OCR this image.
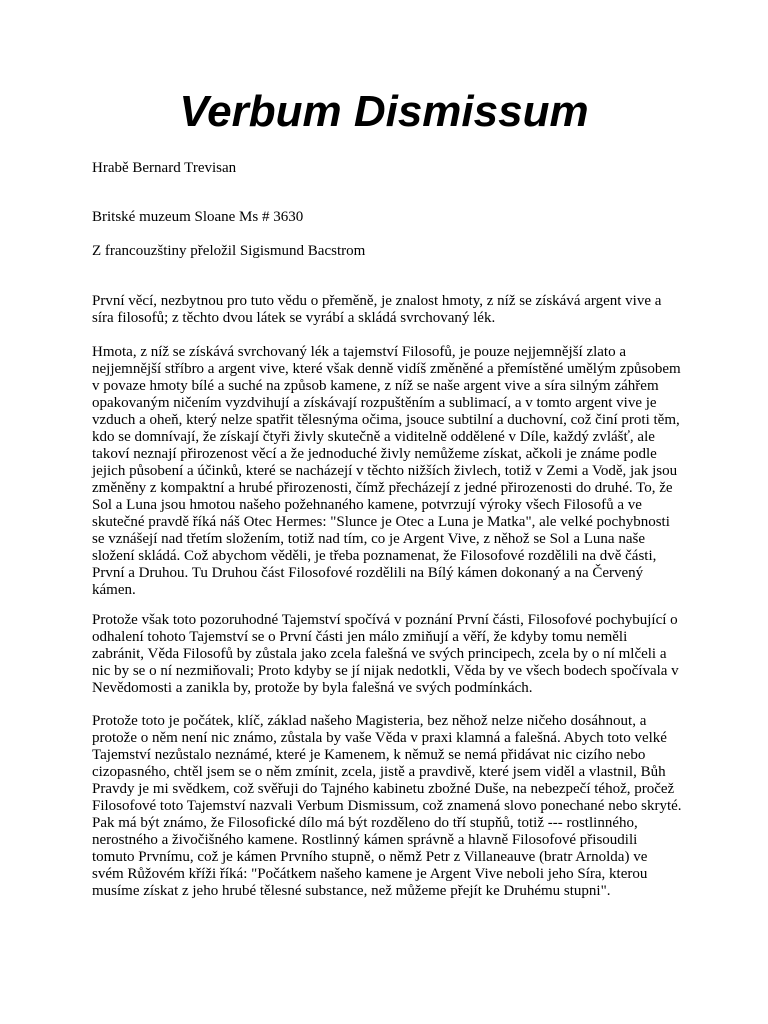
Verbum Dismissum

Hrabě Bernard Trevisan

Britské muzeum Sloane Ms # 3630

Z francouzštiny přeložil Sigismund Bacstrom

První věcí, nezbytnou pro tuto vědu o přeměně, je znalost hmoty, z níž se získává argent vive a síra filosofů; z těchto dvou látek se vyrábí a skládá svrchovaný lék.

Hmota, z níž se získává svrchovaný lék a tajemství Filosofů, je pouze nejjemnější zlato a nejjemnější stříbro a argent vive, které však denně vidíš změněné a přemístěné umělým způsobem v povaze hmoty bílé a suché na způsob kamene, z níž se naše argent vive a síra silným záhřem opakovaným ničením vyzdvihují a získávají rozpuštěním a sublimací, a v tomto argent vive je vzduch a oheň, který nelze spatřit tělesnýma očima, jsouce subtilní a duchovní, což činí proti těm, kdo se domnívají, že získají čtyři živly skutečně a viditelně oddělené v Díle, každý zvlášť, ale takoví neznají přirozenost věcí a že jednoduché živly nemůžeme získat, ačkoli je známe podle jejich působení a účinků, které se nacházejí v těchto nižších živlech, totiž v Zemi a Vodě, jak jsou změněny z kompaktní a hrubé přirozenosti, čímž přecházejí z jedné přirozenosti do druhé. To, že Sol a Luna jsou hmotou našeho požehnaného kamene, potvrzují výroky všech Filosofů a ve skutečné pravdě říká náš Otec Hermes: "Slunce je Otec a Luna je Matka", ale velké pochybnosti se vznášejí nad třetím složením, totiž nad tím, co je Argent Vive, z něhož se Sol a Luna naše složení skládá. Což abychom věděli, je třeba poznamenat, že Filosofové rozdělili na dvě části, První a Druhou. Tu Druhou část Filosofové rozdělili na Bílý kámen dokonaný a na Červený kámen.

Protože však toto pozoruhodné Tajemství spočívá v poznání První části, Filosofové pochybující o odhalení tohoto Tajemství se o První části jen málo zmiňují a věří, že kdyby tomu neměli zabránit, Věda Filosofů by zůstala jako zcela falešná ve svých principech, zcela by o ní mlčeli a nic by se o ní nezmiňovali; Proto kdyby se jí nijak nedotkli, Věda by ve všech bodech spočívala v Nevědomosti a zanikla by, protože by byla falešná ve svých podmínkách.

Protože toto je počátek, klíč, základ našeho Magisteria, bez něhož nelze ničeho dosáhnout, a protože o něm není nic známo, zůstala by vaše Věda v praxi klamná a falešná. Abych toto velké Tajemství nezůstalo neznámé, které je Kamenem, k němuž se nemá přidávat nic cizího nebo cizopasného, chtěl jsem se o něm zmínit, zcela, jistě a pravdivě, které jsem viděl a vlastnil, Bůh Pravdy je mi svědkem, což svěřuji do Tajného kabinetu zbožné Duše, na nebezpečí téhož, pročež Filosofové toto Tajemství nazvali Verbum Dismissum, což znamená slovo ponechané nebo skryté. Pak má být známo, že Filosofické dílo má být rozděleno do tří stupňů, totiž --- rostlinného, nerostného a živočišného kamene. Rostlinný kámen správně a hlavně Filosofové přisoudili tomuto Prvnímu, což je kámen Prvního stupně, o němž Petr z Villaneauve (bratr Arnolda) ve svém Růžovém kříži říká: "Počátkem našeho kamene je Argent Vive neboli jeho Síra, kterou musíme získat z jeho hrubé tělesné substance, než můžeme přejít ke Druhému stupni".
